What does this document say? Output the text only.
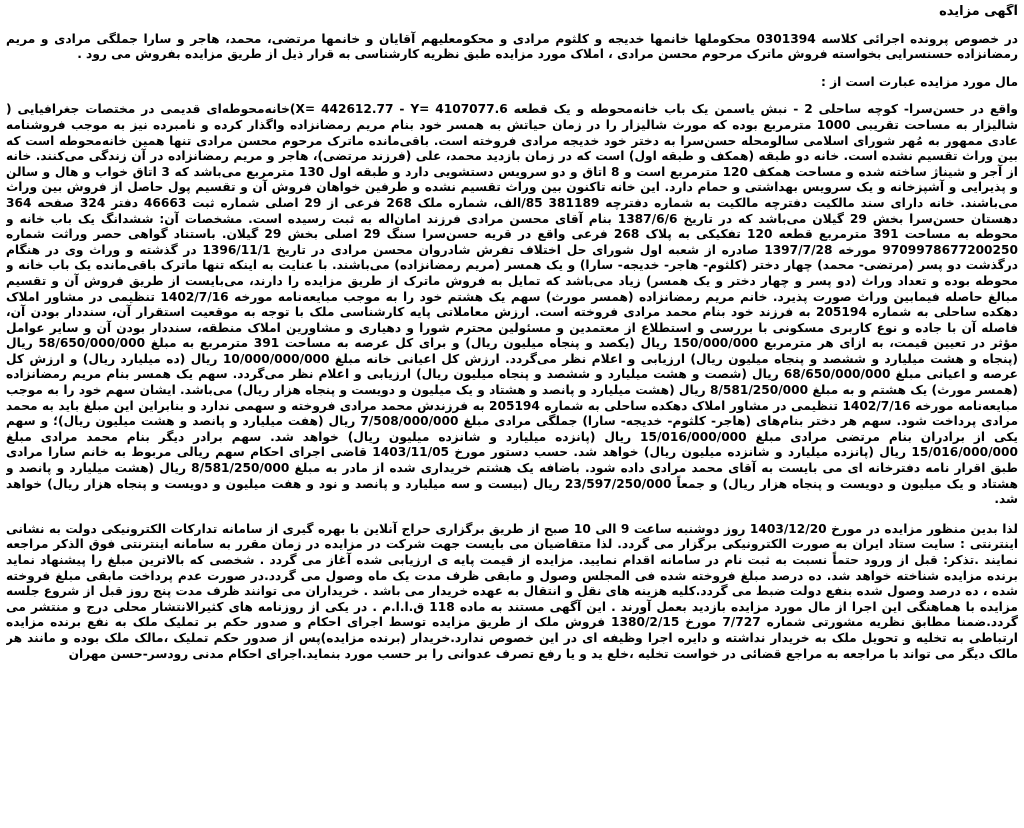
آگهی مزایده

در خصوص پرونده اجرائی کلاسه 0301394 محکوملها خانمها خدیجه و کلثوم مرادی و محکومعلیهم آقایان و خانمها مرتضی، محمد، هاجر و سارا جملگی مرادی و مریم رمضانزاده حسنسرایی بخواسته فروش ماترک مرحوم محسن مرادی ، املاک مورد مزایده طبق نظریه کارشناسی به قرار ذیل از طریق مزایده بفروش می رود .

مال مورد مزایده عبارت است از :

واقع در حسن‌سرا- کوچه ساحلی 2 - نبش یاسمن یک باب خانه‌محوطه و یک قطعه X= 442612.77 - Y= 4107077.6)خانه‌محوطه‌ای قدیمی در مختصات جغرافیایی ( شالیزار به مساحت تقریبی 1000 مترمربع بوده که مورث شالیزار را در زمان حیاتش به همسر خود بنام مریم رمضانزاده واگذار کرده و نامبرده نیز به موجب فروشنامه عادی ممهور به مُهر شورای اسلامی سالومحله حسن‌سرا به دختر خود خدیجه مرادی فروخته است. باقی‌مانده ماترک مرحوم محسن مرادی تنها همین خانه‌محوطه است که بین وراث تقسیم نشده است. خانه دو طبقه (همکف و طبقه اول) است که در زمان بازدید محمد، علی (فرزند مرتضی)، هاجر و مریم رمضانزاده در آن زندگی می‌کنند. خانه از آجر و شیناژ ساخته شده و مساحت همکف 120 مترمربع است و 8 اتاق و دو سرویس دستشویی دارد و طبقه اول 130 مترمربع می‌باشد که 3 اتاق خواب و هال و سالن و پذیرایی و آشپزخانه و یک سرویس بهداشتی و حمام دارد. این خانه تاکنون بین وراث تقسیم نشده و طرفین خواهان فروش آن و تقسیم پول حاصل از فروش بین وراث می‌باشند. خانه دارای سند مالکیت دفترچه مالکیت به شماره دفترچه 381189 85/الف، شماره ملک 268 فرعی از 29 اصلی شماره ثبت 46663 دفتر 324 صفحه 364 دهستان حسن‌سرا بخش 29 گیلان می‌باشد که در تاریخ 1387/6/6 بنام آقای محسن مرادی فرزند امان‌اله به ثبت رسیده است. مشخصات آن: ششدانگ یک باب خانه و محوطه به مساحت 391 مترمربع قطعه 120 تفکیکی به پلاک 268 فرعی واقع در قریه حسن‌سرا سنگ 29 اصلی بخش 29 گیلان. باستناد گواهی حصر وراثت شماره 9709978677200250 مورخه 1397/7/28 صادره از شعبه اول شورای حل اختلاف تفرش شادروان محسن مرادی در تاریخ 1396/11/1 در گذشته و وراث وی در هنگام درگذشت دو پسر (مرتضی- محمد) چهار دختر (کلثوم- هاجر- خدیجه- سارا) و یک همسر (مریم رمضانزاده) می‌باشند. با عنایت به اینکه تنها ماترک باقی‌مانده یک باب خانه و محوطه بوده و تعداد وراث (دو پسر و چهار دختر و یک همسر) زیاد می‌باشد که تمایل به فروش ماترک از طریق مزایده را دارند، می‌بایست از طریق فروش آن و تقسیم مبالغ حاصله فیمابین وراث صورت پذیرد. خانم مریم رمضانزاده (همسر مورث) سهم یک هشتم خود را به موجب مبایعه‌نامه مورخه 1402/7/16 تنظیمی در مشاور املاک دهکده ساحلی به شماره 205194 به فرزند خود بنام محمد مرادی فروخته است. ارزش معاملاتی پایه کارشناسی ملک با توجه به موقعیت استقرار آن، سنددار بودن آن، فاصله آن با جاده و نوع کاربری مسکونی با بررسی و استطلاع از معتمدین و مسئولین محترم شورا و دهیاری و مشاورین املاک منطقه، سنددار بودن آن و سایر عوامل مؤثر در تعیین قیمت، به ازای هر مترمربع 150/000/000 ریال (یکصد و پنجاه میلیون ریال) و برای کل عرصه به مساحت 391 مترمربع به مبلغ 58/650/000/000 ریال (پنجاه و هشت میلیارد و ششصد و پنجاه میلیون ریال) ارزیابی و اعلام نظر می‌گردد. ارزش کل اعیانی خانه مبلغ 10/000/000/000 ریال (ده میلیارد ریال) و ارزش کل عرصه و اعیانی مبلغ 68/650/000/000 ریال (شصت و هشت میلیارد و ششصد و پنجاه میلیون ریال) ارزیابی و اعلام نظر می‌گردد. سهم یک همسر بنام مریم رمضانزاده (همسر مورث) یک هشتم و به مبلغ 8/581/250/000 ریال (هشت میلیارد و پانصد و هشتاد و یک میلیون و دویست و پنجاه هزار ریال) می‌باشد. ایشان سهم خود را به موجب مبایعه‌نامه مورخه 1402/7/16 تنظیمی در مشاور املاک دهکده ساحلی به شماره 205194 به فرزندش محمد مرادی فروخته و سهمی ندارد و بنابراین این مبلغ باید به محمد مرادی پرداخت شود. سهم هر دختر بنام‌های (هاجر- کلثوم- خدیجه- سارا) جملگی مرادی مبلغ 7/508/000/000 ریال (هفت میلیارد و پانصد و هشت میلیون ریال)؛ و سهم یکی از برادران بنام مرتضی مرادی مبلغ 15/016/000/000 ریال (پانزده میلیارد و شانزده میلیون ریال) خواهد شد. سهم برادر دیگر بنام محمد مرادی مبلغ 15/016/000/000 ریال (پانزده میلیارد و شانزده میلیون ریال) خواهد شد. حسب دستور مورخ 1403/11/05 قاضی اجرای احکام سهم ریالی مربوط به خانم سارا مرادی طبق اقرار نامه دفترخانه ای می بایست به آقای محمد مرادی داده شود. باضافه یک هشتم خریداری شده از مادر به مبلغ 8/581/250/000 ریال (هشت میلیارد و پانصد و هشتاد و یک میلیون و دویست و پنجاه هزار ریال) و جمعاً 23/597/250/000 ریال (بیست و سه میلیارد و پانصد و نود و هفت میلیون و دویست و پنجاه هزار ریال) خواهد شد.

لذا بدین منظور مزایده در مورخ 1403/12/20 روز دوشنبه ساعت 9 الی 10 صبح از طریق برگزاری حراج آنلاین با بهره گیری از سامانه تدارکات الکترونیکی دولت به نشانی اینترنتی : سایت ستاد ایران به صورت الکترونیکی برگزار می گردد. لذا متقاضیان می بایست جهت شرکت در مزایده در زمان مقرر به سامانه اینترنتی فوق الذکر مراجعه نمایند .تذکر: قبل از ورود حتماً نسبت به ثبت نام در سامانه اقدام نمایید. مزایده از قیمت پایه ی ارزیابی شده آغاز می گردد . شخصی که بالاترین مبلغ را پیشنهاد نماید برنده مزایده شناخته خواهد شد. ده درصد مبلغ فروخته شده فی المجلس وصول و مابقی ظرف مدت یک ماه وصول می گردد.در صورت عدم پرداخت مابقی مبلغ فروخته شده ، ده درصد وصول شده بنفع دولت ضبط می گردد.کلیه هزینه های نقل و انتقال به عهده خریدار می باشد . خریداران می توانند ظرف مدت پنج روز قبل از شروع جلسه مزایده با هماهنگی این اجرا از مال مورد مزایده بازدید بعمل آورند . این آگهی مستند به ماده 118 ق.ا.ا.م . در یکی از روزنامه های کثیرالانتشار محلی درج و منتشر می گردد.ضمنا مطابق نظریه مشورتی شماره 7/727 مورخ 1380/2/15 فروش ملک از طریق مزایده توسط اجرای احکام و صدور حکم بر تملیک ملک به نفع برنده مزایده ارتباطی به تخلیه و تحویل ملک به خریدار نداشته و دایره اجرا وظیفه ای در این خصوص ندارد.خریدار (برنده مزایده)پس از صدور حکم تملیک ،مالک ملک بوده و مانند هر مالک دیگر می تواند با مراجعه به مراجع قضائی در خواست تخلیه ،خلع ید و یا رفع تصرف عدوانی را بر حسب مورد بنماید.اجرای احکام مدنی رودسر-حسن مهران
